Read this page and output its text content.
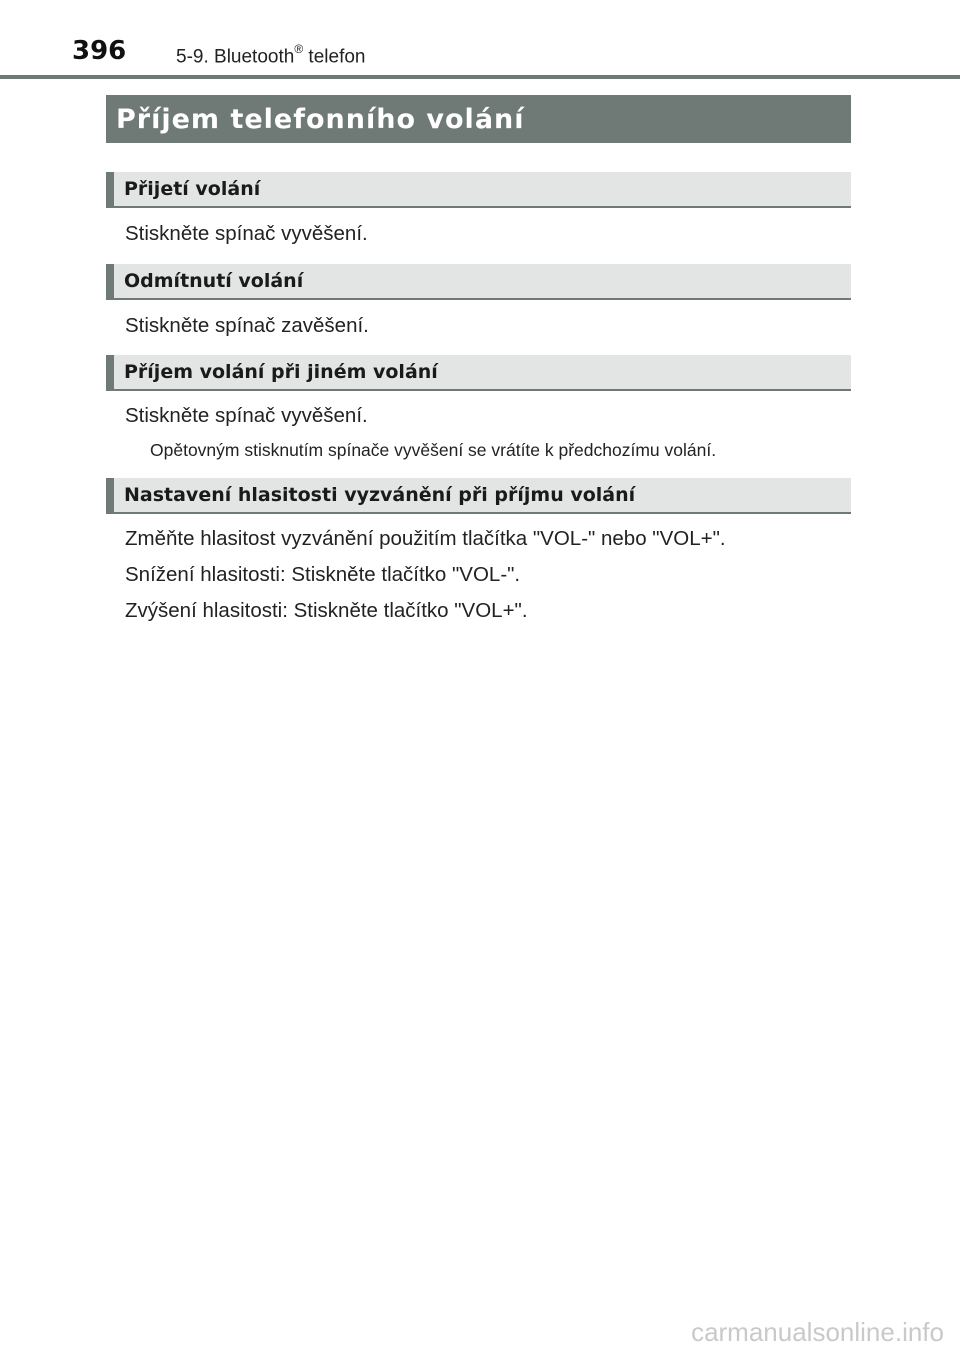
396	5-9. Bluetooth® telefon
Příjem telefonního volání
Přijetí volání
Stiskněte spínač vyvěšení.
Odmítnutí volání
Stiskněte spínač zavěšení.
Příjem volání při jiném volání
Stiskněte spínač vyvěšení.
Opětovným stisknutím spínače vyvěšení se vrátíte k předchozímu volání.
Nastavení hlasitosti vyzvánění při příjmu volání
Změňte hlasitost vyzvánění použitím tlačítka "VOL-" nebo "VOL+".
Snížení hlasitosti: Stiskněte tlačítko "VOL-".
Zvýšení hlasitosti: Stiskněte tlačítko "VOL+".
carmanualsonline.info
